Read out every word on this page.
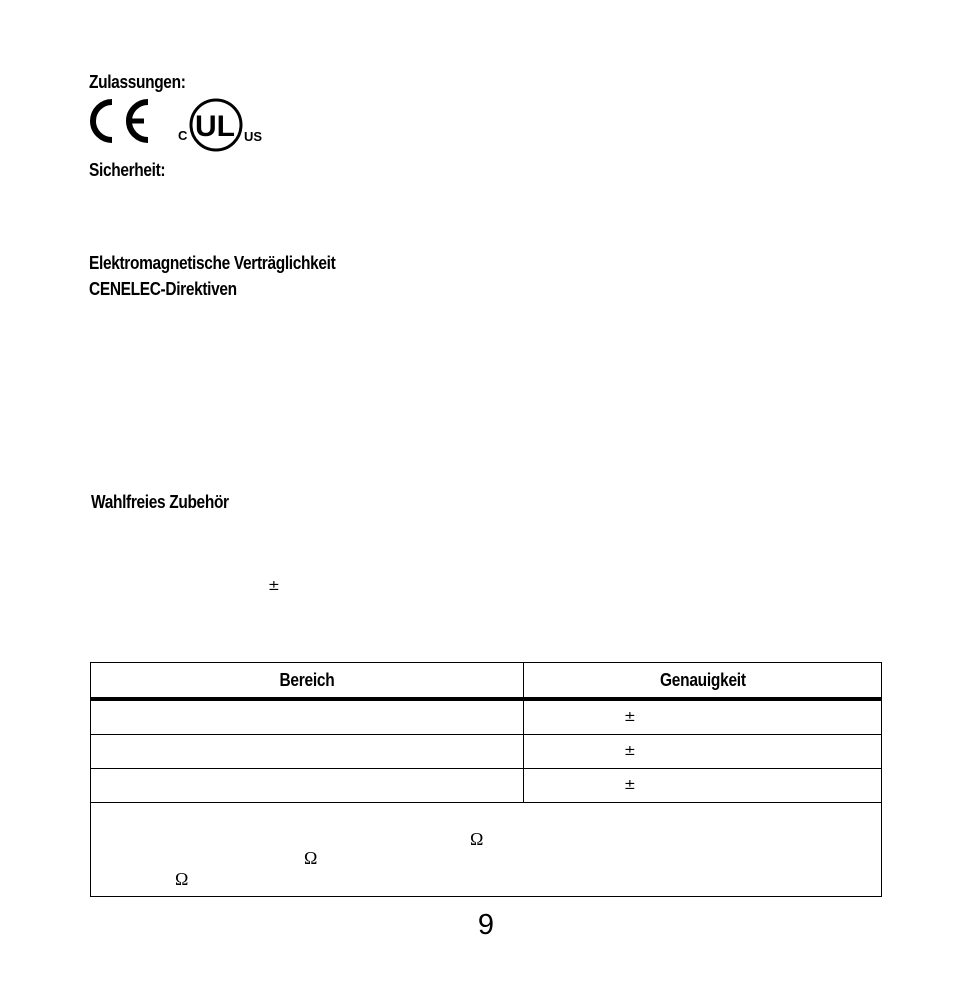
Zulassungen:
C UL US
Sicherheit:
Elektromagnetische Verträglichkeit
CENELEC-Direktiven
Wahlfreies Zubehör
±
Bereich	Genauigkeit

	±

	±

	±

Ω
Ω
Ω	
9
